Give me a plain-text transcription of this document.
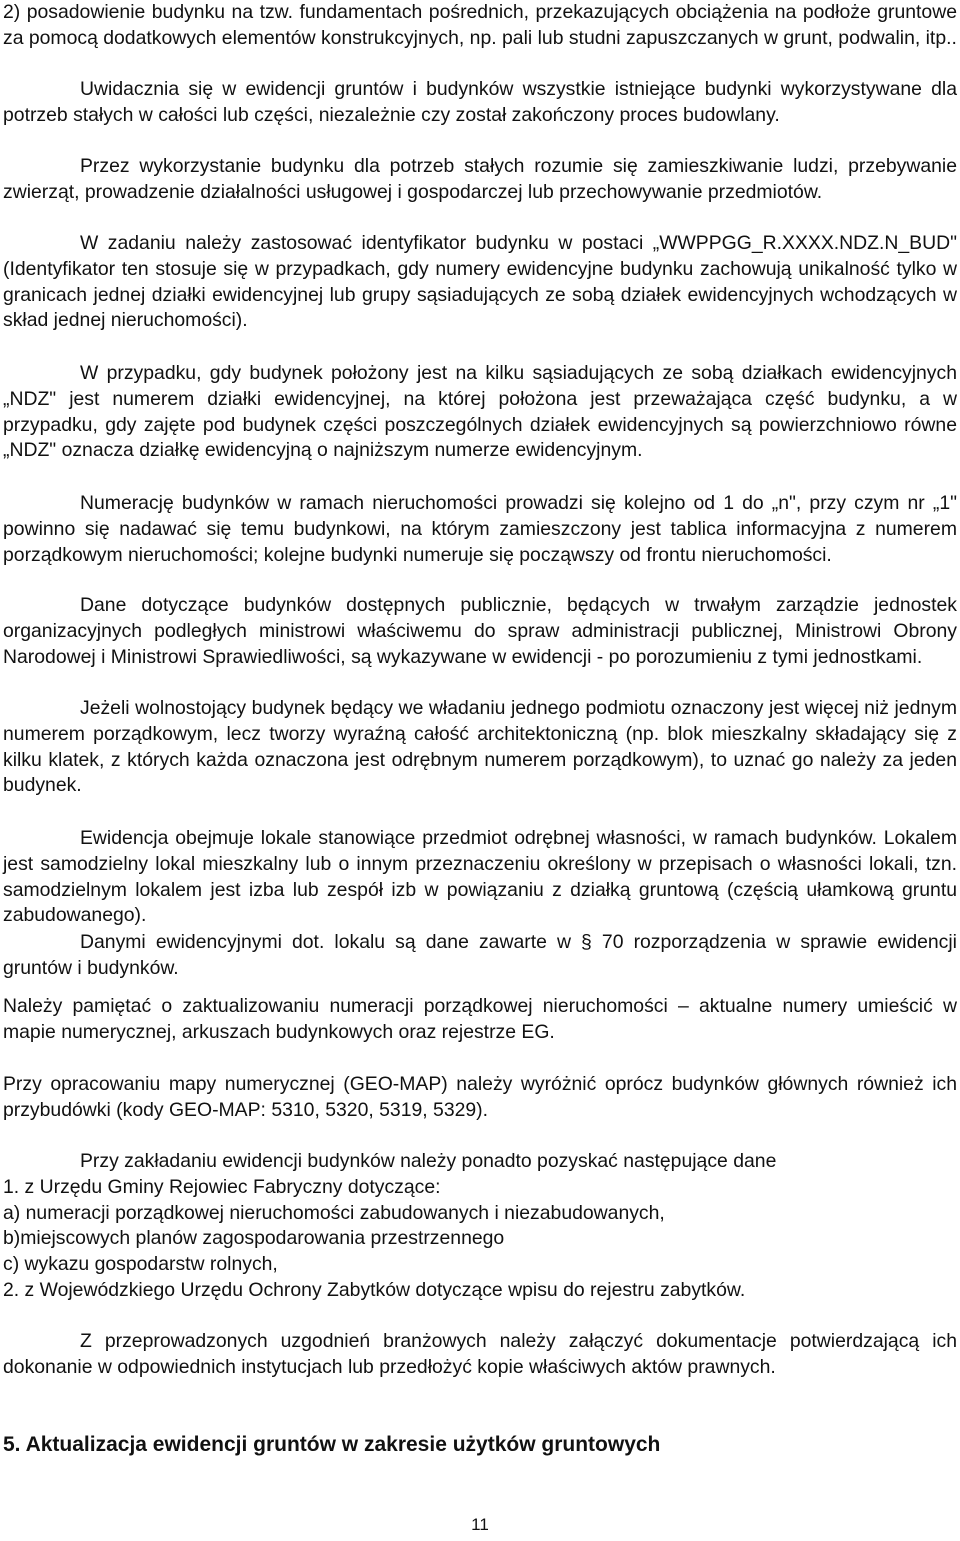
2) posadowienie budynku na tzw. fundamentach pośrednich, przekazujących obciążenia na podłoże gruntowe za pomocą dodatkowych elementów konstrukcyjnych, np. pali lub studni zapuszczanych w grunt, podwalin, itp..

Uwidacznia się w ewidencji gruntów i budynków wszystkie istniejące budynki wykorzystywane dla potrzeb stałych w całości lub części, niezależnie czy został zakończony proces budowlany.

Przez wykorzystanie budynku dla potrzeb stałych rozumie się zamieszkiwanie ludzi, przebywanie zwierząt, prowadzenie działalności usługowej i gospodarczej lub przechowywanie przedmiotów.

W zadaniu należy zastosować identyfikator budynku w postaci „WWPPGG_R.XXXX.NDZ.N_BUD" (Identyfikator ten stosuje się w przypadkach, gdy numery ewidencyjne budynku zachowują unikalność tylko w granicach jednej działki ewidencyjnej lub grupy sąsiadujących ze sobą działek ewidencyjnych wchodzących w skład jednej nieruchomości).

W przypadku, gdy budynek położony jest na kilku sąsiadujących ze sobą działkach ewidencyjnych „NDZ" jest numerem działki ewidencyjnej, na której położona jest przeważająca część budynku, a w przypadku, gdy zajęte pod budynek części poszczególnych działek ewidencyjnych są powierzchniowo równe „NDZ" oznacza działkę ewidencyjną o najniższym numerze ewidencyjnym.

Numerację budynków w ramach nieruchomości prowadzi się kolejno od 1 do „n", przy czym nr „1" powinno się nadawać się temu budynkowi, na którym zamieszczony jest tablica informacyjna z numerem porządkowym nieruchomości; kolejne budynki numeruje się począwszy od frontu nieruchomości.

Dane dotyczące budynków dostępnych publicznie, będących w trwałym zarządzie jednostek organizacyjnych podległych ministrowi właściwemu do spraw administracji publicznej, Ministrowi Obrony Narodowej i Ministrowi Sprawiedliwości, są wykazywane w ewidencji - po porozumieniu z tymi jednostkami.

Jeżeli wolnostojący budynek będący we władaniu jednego podmiotu oznaczony jest więcej niż jednym numerem porządkowym, lecz tworzy wyraźną całość architektoniczną (np. blok mieszkalny składający się z kilku klatek, z których każda oznaczona jest odrębnym numerem porządkowym), to uznać go należy za jeden budynek.

Ewidencja obejmuje lokale stanowiące przedmiot odrębnej własności, w ramach budynków. Lokalem jest samodzielny lokal mieszkalny lub o innym przeznaczeniu określony w przepisach o własności lokali, tzn. samodzielnym lokalem jest izba lub zespół izb w powiązaniu z działką gruntową (częścią ułamkową gruntu zabudowanego).

Danymi ewidencyjnymi dot. lokalu są dane zawarte w § 70 rozporządzenia w sprawie ewidencji gruntów i budynków.

Należy pamiętać o zaktualizowaniu numeracji porządkowej nieruchomości – aktualne numery umieścić w mapie numerycznej, arkuszach budynkowych oraz rejestrze EG.

Przy opracowaniu mapy numerycznej (GEO-MAP) należy wyróżnić oprócz budynków głównych również ich przybudówki (kody GEO-MAP: 5310, 5320, 5319, 5329).

Przy zakładaniu ewidencji budynków należy ponadto pozyskać następujące dane

1. z Urzędu Gminy Rejowiec Fabryczny dotyczące:

a) numeracji porządkowej nieruchomości zabudowanych i niezabudowanych,

b)miejscowych planów zagospodarowania przestrzennego

c) wykazu gospodarstw rolnych,

2. z Wojewódzkiego Urzędu Ochrony Zabytków dotyczące wpisu do rejestru zabytków.

Z przeprowadzonych uzgodnień branżowych należy załączyć dokumentacje potwierdzającą ich dokonanie w odpowiednich instytucjach lub przedłożyć kopie właściwych aktów prawnych.

5. Aktualizacja ewidencji gruntów w zakresie użytków gruntowych

11
